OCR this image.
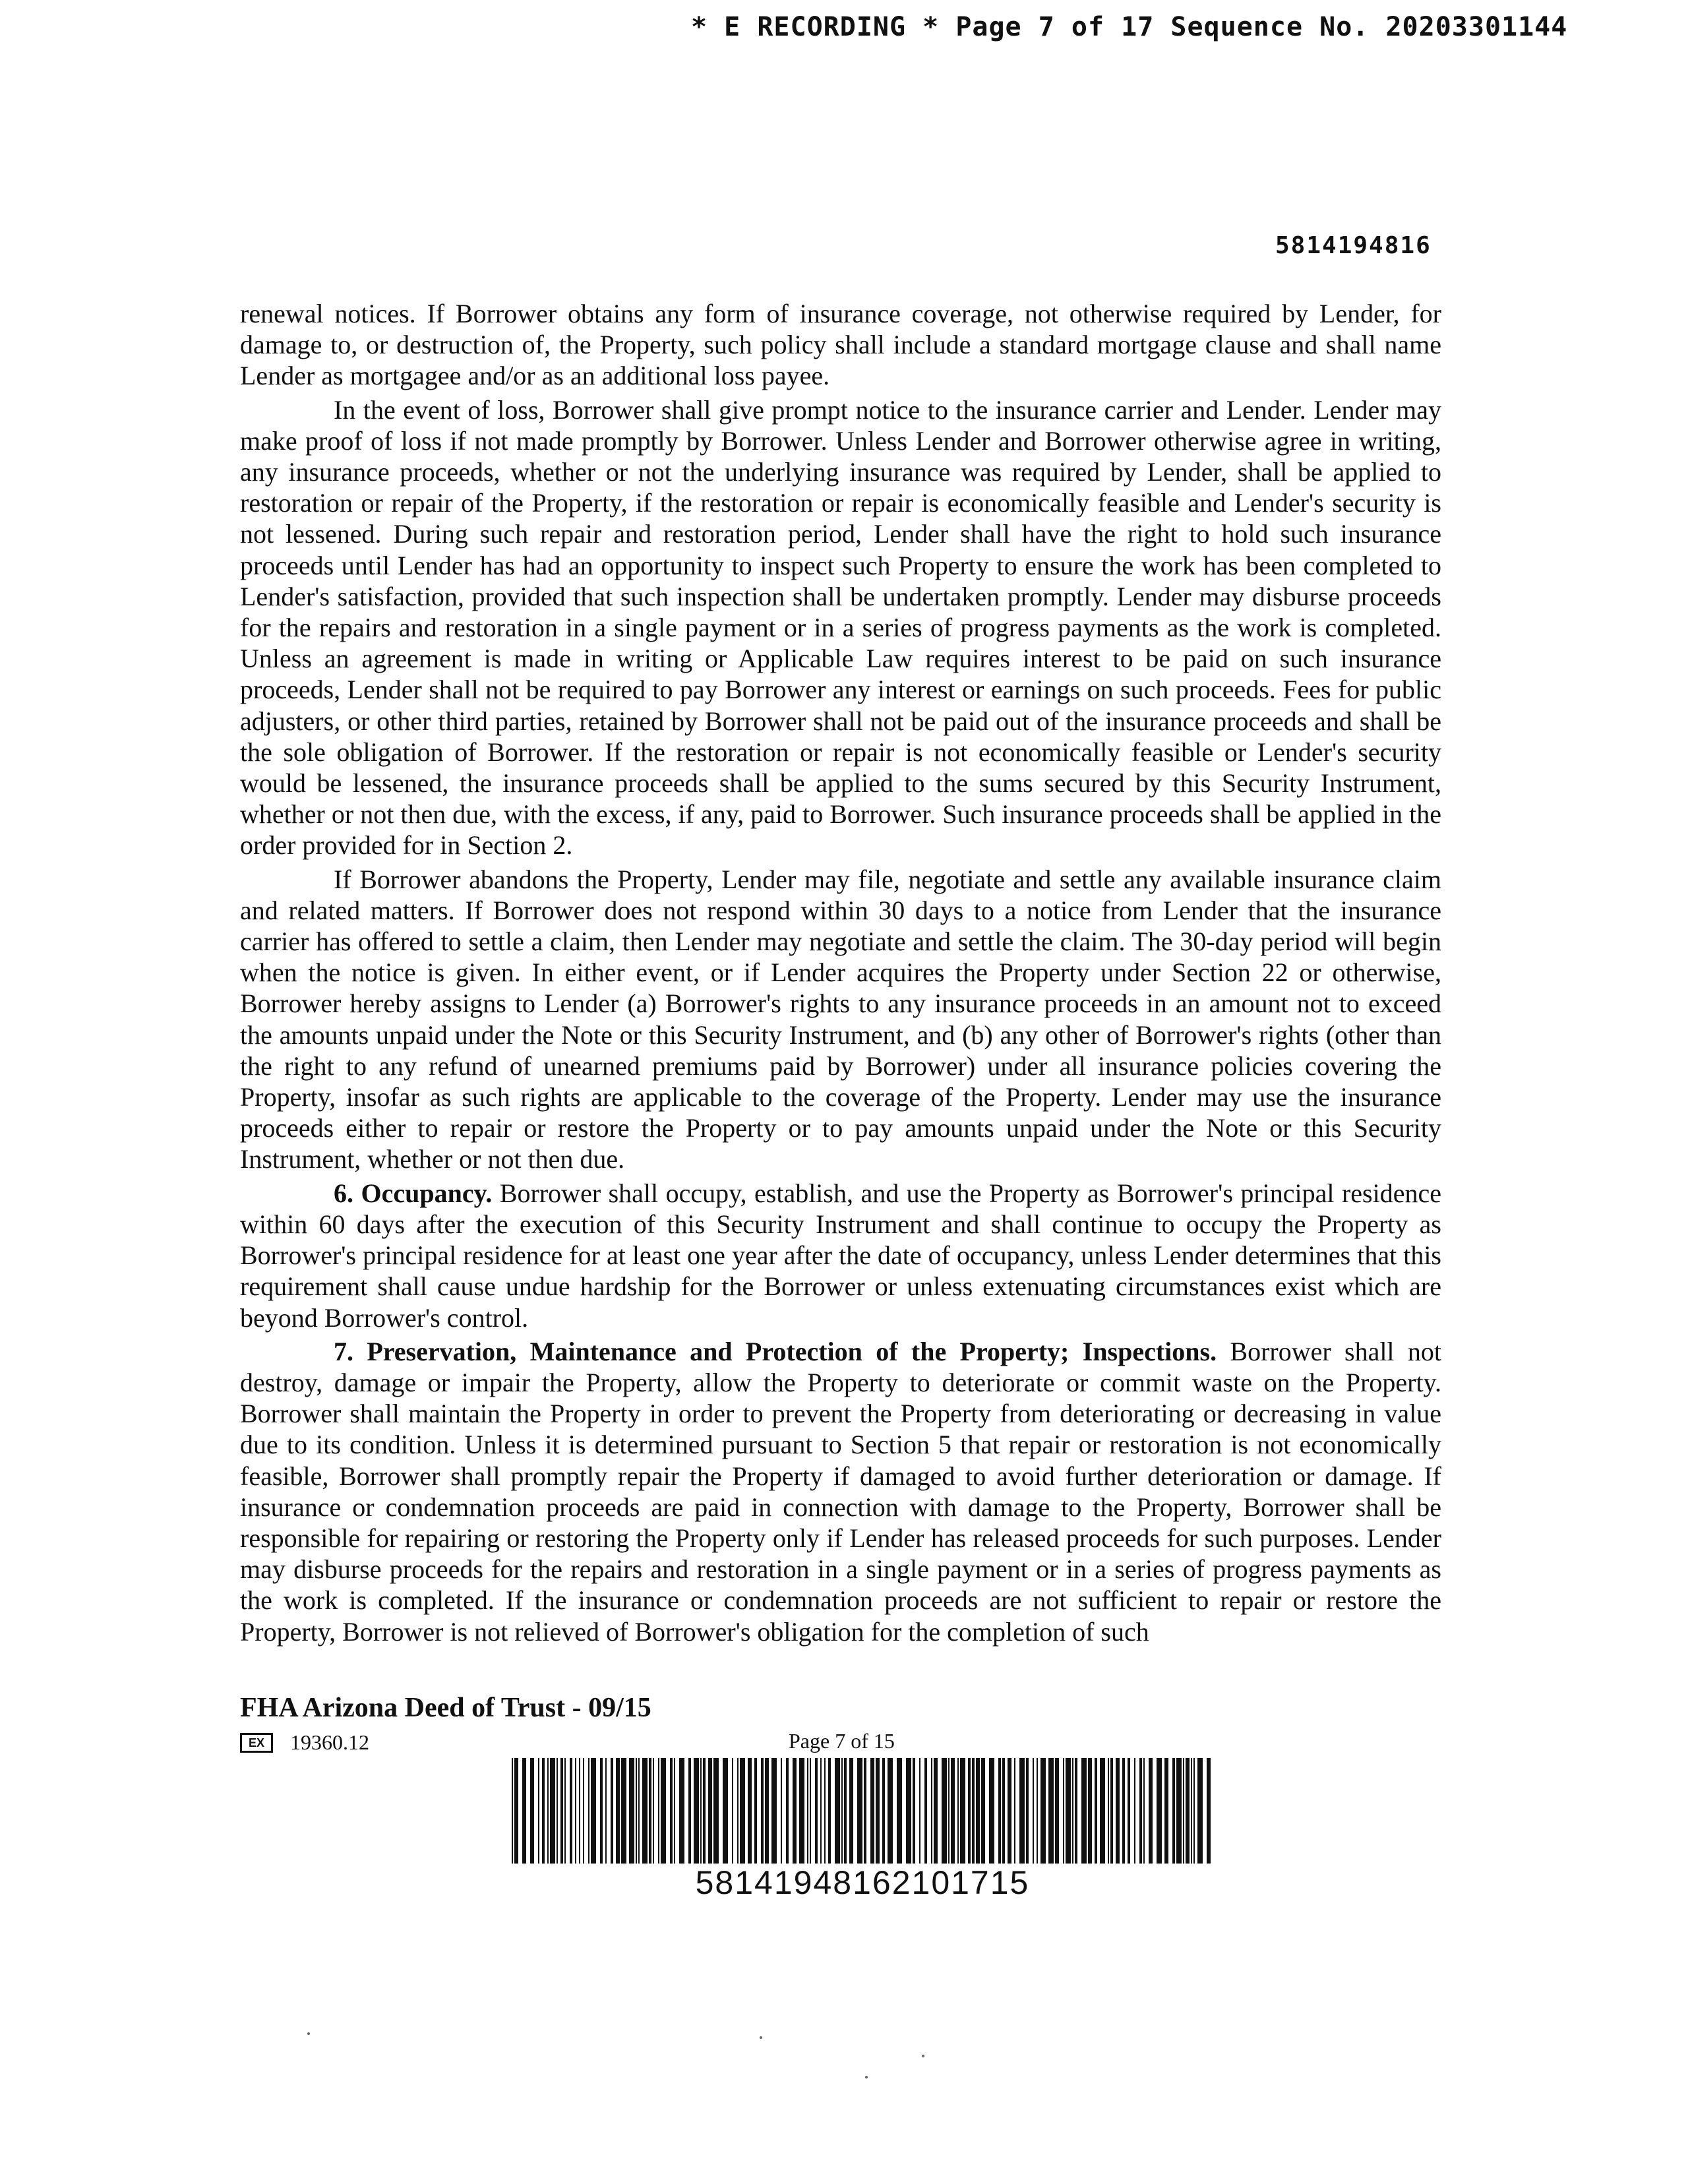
* E RECORDING * Page 7 of 17 Sequence No. 20203301144
5814194816

renewal notices. If Borrower obtains any form of insurance coverage, not otherwise required by Lender, for damage to, or destruction of, the Property, such policy shall include a standard mortgage clause and shall name Lender as mortgagee and/or as an additional loss payee.

In the event of loss, Borrower shall give prompt notice to the insurance carrier and Lender. Lender may make proof of loss if not made promptly by Borrower. Unless Lender and Borrower otherwise agree in writing, any insurance proceeds, whether or not the underlying insurance was required by Lender, shall be applied to restoration or repair of the Property, if the restoration or repair is economically feasible and Lender's security is not lessened. During such repair and restoration period, Lender shall have the right to hold such insurance proceeds until Lender has had an opportunity to inspect such Property to ensure the work has been completed to Lender's satisfaction, provided that such inspection shall be undertaken promptly. Lender may disburse proceeds for the repairs and restoration in a single payment or in a series of progress payments as the work is completed. Unless an agreement is made in writing or Applicable Law requires interest to be paid on such insurance proceeds, Lender shall not be required to pay Borrower any interest or earnings on such proceeds. Fees for public adjusters, or other third parties, retained by Borrower shall not be paid out of the insurance proceeds and shall be the sole obligation of Borrower. If the restoration or repair is not economically feasible or Lender's security would be lessened, the insurance proceeds shall be applied to the sums secured by this Security Instrument, whether or not then due, with the excess, if any, paid to Borrower. Such insurance proceeds shall be applied in the order provided for in Section 2.

If Borrower abandons the Property, Lender may file, negotiate and settle any available insurance claim and related matters. If Borrower does not respond within 30 days to a notice from Lender that the insurance carrier has offered to settle a claim, then Lender may negotiate and settle the claim. The 30-day period will begin when the notice is given. In either event, or if Lender acquires the Property under Section 22 or otherwise, Borrower hereby assigns to Lender (a) Borrower's rights to any insurance proceeds in an amount not to exceed the amounts unpaid under the Note or this Security Instrument, and (b) any other of Borrower's rights (other than the right to any refund of unearned premiums paid by Borrower) under all insurance policies covering the Property, insofar as such rights are applicable to the coverage of the Property. Lender may use the insurance proceeds either to repair or restore the Property or to pay amounts unpaid under the Note or this Security Instrument, whether or not then due.

6. Occupancy. Borrower shall occupy, establish, and use the Property as Borrower's principal residence within 60 days after the execution of this Security Instrument and shall continue to occupy the Property as Borrower's principal residence for at least one year after the date of occupancy, unless Lender determines that this requirement shall cause undue hardship for the Borrower or unless extenuating circumstances exist which are beyond Borrower's control.

7. Preservation, Maintenance and Protection of the Property; Inspections. Borrower shall not destroy, damage or impair the Property, allow the Property to deteriorate or commit waste on the Property. Borrower shall maintain the Property in order to prevent the Property from deteriorating or decreasing in value due to its condition. Unless it is determined pursuant to Section 5 that repair or restoration is not economically feasible, Borrower shall promptly repair the Property if damaged to avoid further deterioration or damage. If insurance or condemnation proceeds are paid in connection with damage to the Property, Borrower shall be responsible for repairing or restoring the Property only if Lender has released proceeds for such purposes. Lender may disburse proceeds for the repairs and restoration in a single payment or in a series of progress payments as the work is completed. If the insurance or condemnation proceeds are not sufficient to repair or restore the Property, Borrower is not relieved of Borrower's obligation for the completion of such

FHA Arizona Deed of Trust - 09/15
EX	19360.12	Page 7 of 15
58141948162101715
